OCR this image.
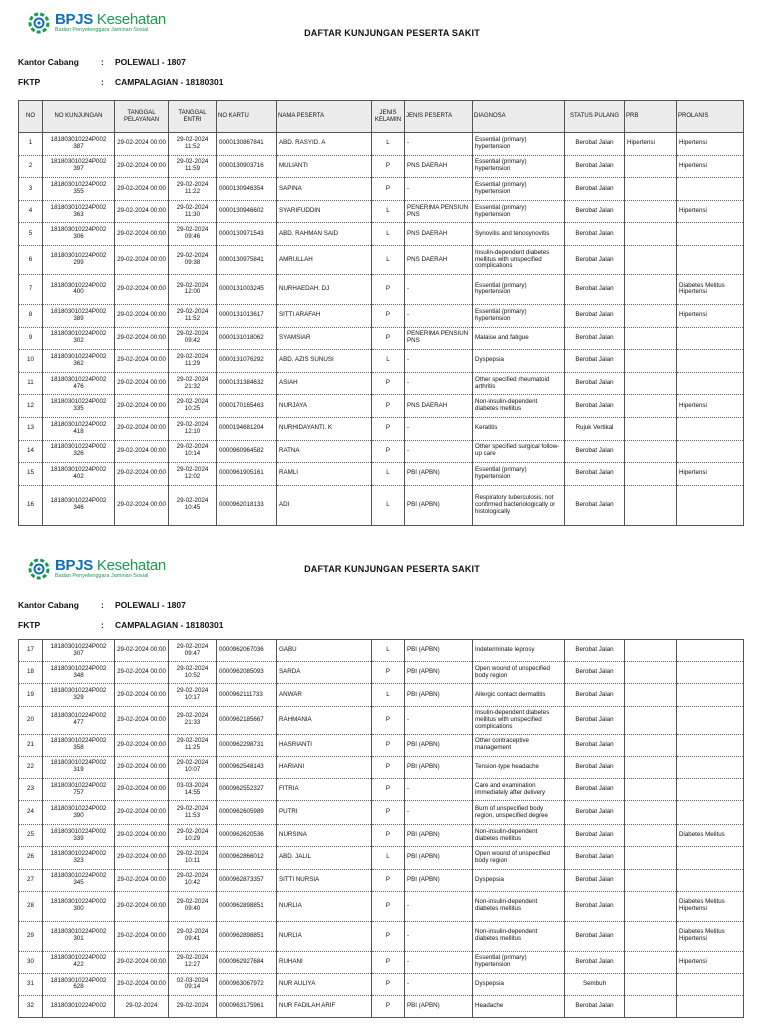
BPJS Kesehatan
Badan Penyelenggara Jaminan Sosial	DAFTAR KUNJUNGAN PESERTA SAKIT
Kantor Cabang	: POLEWALI - 1807
FKTP	: CAMPALAGIAN - 18180301
NO	NO KUNJUNGAN	TANGGAL PELAYANAN	TANGGAL ENTRI	NO KARTU	NAMA PESERTA	JENIS KELAMIN	JENIS PESERTA	DIAGNOSA	STATUS PULANG	PRB	PROLANIS
1	181803010224P002 387	29-02-2024 00:00	29-02-2024 11:52	0000130867841	ABD. RASYID. A	L	-	Essential (primary) hypertension	Berobat Jalan	Hipertensi	Hipertensi
2	181803010224P002 397	29-02-2024 00:00	29-02-2024 11:59	0000130903716	MULIANTI	P	PNS DAERAH	Essential (primary) hypertension	Berobat Jalan		Hipertensi
3	181803010224P002 355	29-02-2024 00:00	29-02-2024 11:22	0000130946354	SAPINA	P	-	Essential (primary) hypertension	Berobat Jalan		
4	181803010224P002 363	29-02-2024 00:00	29-02-2024 11:30	0000130946602	SYARIFUDDIN	L	PENERIMA PENSIUN PNS	Essential (primary) hypertension	Berobat Jalan		Hipertensi
5	181803010224P002 306	29-02-2024 00:00	29-02-2024 09:46	0000130971543	ABD. RAHMAN SAID	L	PNS DAERAH	Synovitis and tenosynovitis	Berobat Jalan		
6	181803010224P002 299	29-02-2024 00:00	29-02-2024 09:38	0000130975841	AMRULLAH	L	PNS DAERAH	Insulin-dependent diabetes mellitus with unspecified complications	Berobat Jalan		
7	181803010224P002 400	29-02-2024 00:00	29-02-2024 12:00	0000131003245	NURHAEDAH. DJ	P	-	Essential (primary) hypertension	Berobat Jalan		Diabetes Melitus Hipertensi
8	181803010224P002 389	29-02-2024 00:00	29-02-2024 11:52	0000131013617	SITTI ARAFAH	P	-	Essential (primary) hypertension	Berobat Jalan		Hipertensi
9	181803010224P002 302	29-02-2024 00:00	29-02-2024 09:42	0000131018062	SYAMSIAR	P	PENERIMA PENSIUN PNS	Malaise and fatigue	Berobat Jalan		
10	181803010224P002 362	29-02-2024 00:00	29-02-2024 11:29	0000131076292	ABD. AZIS SUNUSI	L	-	Dyspepsia	Berobat Jalan		
11	181803010224P002 476	29-02-2024 00:00	29-02-2024 21:32	0000131384632	ASIAH	P	-	Other specified rheumatoid arthritis	Berobat Jalan		
12	181803010224P002 335	29-02-2024 00:00	29-02-2024 10:25	0000170165463	NURJAYA	P	PNS DAERAH	Non-insulin-dependent diabetes mellitus	Berobat Jalan		Hipertensi
13	181803010224P002 418	29-02-2024 00:00	29-02-2024 12:10	0000194681204	NURHIDAYANTI. K	P	-	Keratitis	Rujuk Vertikal		
14	181803010224P002 326	29-02-2024 00:00	29-02-2024 10:14	0000960964582	RATNA	P	-	Other specified surgical follow-up care	Berobat Jalan		
15	181803010224P002 402	29-02-2024 00:00	29-02-2024 12:02	0000961905161	RAMLI	L	PBI (APBN)	Essential (primary) hypertension	Berobat Jalan		Hipertensi
16	181803010224P002 346	29-02-2024 00:00	29-02-2024 10:45	0000962018133	ADI	L	PBI (APBN)	Respiratory tuberculosis, not confirmed bacteriologically or histologically	Berobat Jalan		
BPJS Kesehatan
Badan Penyelenggara Jaminan Sosial
DAFTAR KUNJUNGAN PESERTA SAKIT
Kantor Cabang	: POLEWALI - 1807
FKTP	: CAMPALAGIAN - 18180301
17	181803010224P002 307	29-02-2024 00:00	29-02-2024 09:47	0000962067036	GABU	L	PBI (APBN)	Indeterminate leprosy	Berobat Jalan		
18	181803010224P002 348	29-02-2024 00:00	29-02-2024 10:52	0000962085093	SARDA	P	PBI (APBN)	Open wound of unspecified body region	Berobat Jalan		
19	181803010224P002 329	29-02-2024 00:00	29-02-2024 10:17	0000962111733	ANWAR	L	PBI (APBN)	Allergic contact dermatitis	Berobat Jalan		
20	181803010224P002 477	29-02-2024 00:00	29-02-2024 21:33	0000962185667	RAHMANIA	P	-	Insulin-dependent diabetes mellitus with unspecified complications	Berobat Jalan		
21	181803010224P002 358	29-02-2024 00:00	29-02-2024 11:25	0000962298731	HASRIANTI	P	PBI (APBN)	Other contraceptive management	Berobat Jalan		
22	181803010224P002 319	29-02-2024 00:00	29-02-2024 10:07	0000962548143	HARIANI	P	PBI (APBN)	Tension-type headache	Berobat Jalan		
23	181803010224P002 757	29-02-2024 00:00	03-03-2024 14:55	0000962552327	FITRIA	P	-	Care and examination immediately after delivery	Berobat Jalan		
24	181803010224P002 390	29-02-2024 00:00	29-02-2024 11:53	0000962605989	PUTRI	P	-	Burn of unspecified body region, unspecified degree	Berobat Jalan		
25	181803010224P002 339	29-02-2024 00:00	29-02-2024 10:29	0000962620536	NURSINA	P	PBI (APBN)	Non-insulin-dependent diabetes mellitus	Berobat Jalan		Diabetes Melitus
26	181803010224P002 323	29-02-2024 00:00	29-02-2024 10:11	0000962866012	ABD. JALIL	L	PBI (APBN)	Open wound of unspecified body region	Berobat Jalan		
27	181803010224P002 345	29-02-2024 00:00	29-02-2024 10:42	0000962873357	SITTI NURSIA	P	PBI (APBN)	Dyspepsia	Berobat Jalan		
28	181803010224P002 300	29-02-2024 00:00	29-02-2024 09:40	0000962898851	NURLIA	P	-	Non-insulin-dependent diabetes mellitus	Berobat Jalan		Diabetes Melitus Hipertensi
29	181803010224P002 301	29-02-2024 00:00	29-02-2024 09:41	0000962898851	NURLIA	P	-	Non-insulin-dependent diabetes mellitus	Berobat Jalan		Diabetes Melitus Hipertensi
30	181803010224P002 422	29-02-2024 00:00	29-02-2024 12:27	0000962927684	RUHANI	P	-	Essential (primary) hypertension	Berobat Jalan		Hipertensi
31	181803010224P002 628	29-02-2024 00:00	02-03-2024 09:14	0000963067972	NUR AULIYA	P	-	Dyspepsia	Sembuh		
32	181803010224P002	29-02-2024	29-02-2024	0000963175961	NUR FADILAH ARIF	P	PBI (APBN)	Headache	Berobat Jalan		
